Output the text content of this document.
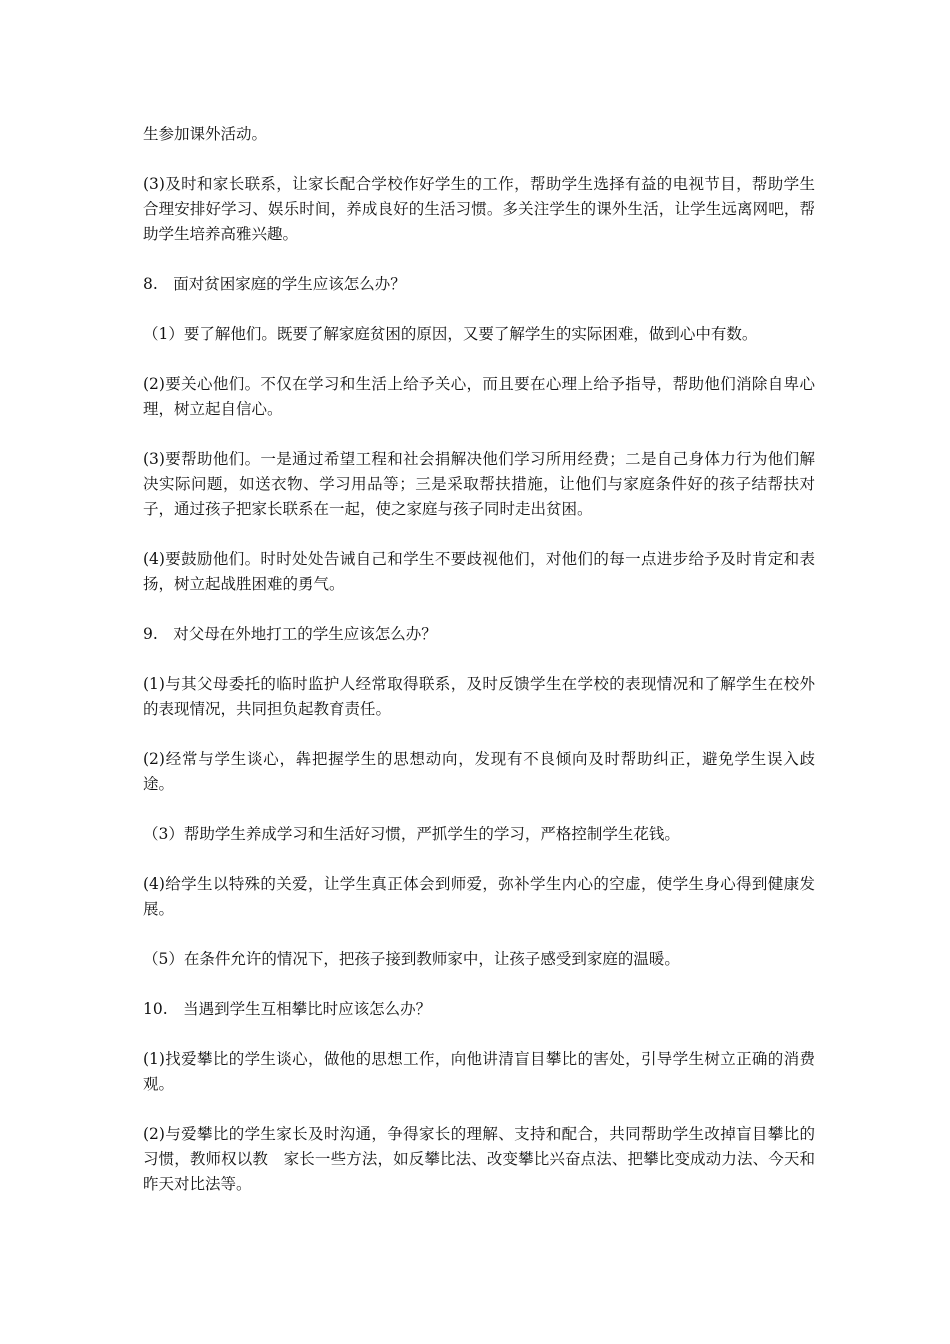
生参加课外活动。

(3)及时和家长联系，让家长配合学校作好学生的工作，帮助学生选择有益的电视节目，帮助学生合理安排好学习、娱乐时间，养成良好的生活习惯。多关注学生的课外生活，让学生远离网吧，帮助学生培养高雅兴趣。

8.　面对贫困家庭的学生应该怎么办？

（1）要了解他们。既要了解家庭贫困的原因，又要了解学生的实际困难，做到心中有数。

(2)要关心他们。不仅在学习和生活上给予关心，而且要在心理上给予指导，帮助他们消除自卑心理，树立起自信心。

(3)要帮助他们。一是通过希望工程和社会捐解决他们学习所用经费；二是自己身体力行为他们解决实际问题，如送衣物、学习用品等；三是采取帮扶措施，让他们与家庭条件好的孩子结帮扶对子，通过孩子把家长联系在一起，使之家庭与孩子同时走出贫困。

(4)要鼓励他们。时时处处告诫自己和学生不要歧视他们，对他们的每一点进步给予及时肯定和表扬，树立起战胜困难的勇气。

9.　对父母在外地打工的学生应该怎么办？

(1)与其父母委托的临时监护人经常取得联系，及时反馈学生在学校的表现情况和了解学生在校外的表现情况，共同担负起教育责任。

(2)经常与学生谈心，犇把握学生的思想动向，发现有不良倾向及时帮助纠正，避免学生误入歧途。

（3）帮助学生养成学习和生活好习惯，严抓学生的学习，严格控制学生花钱。

(4)给学生以特殊的关爱，让学生真正体会到师爱，弥补学生内心的空虚，使学生身心得到健康发展。

（5）在条件允许的情况下，把孩子接到教师家中，让孩子感受到家庭的温暖。

10.　当遇到学生互相攀比时应该怎么办？

(1)找爱攀比的学生谈心，做他的思想工作，向他讲清盲目攀比的害处，引导学生树立正确的消费观。

(2)与爱攀比的学生家长及时沟通，争得家长的理解、支持和配合，共同帮助学生改掉盲目攀比的习惯，教师权以教　家长一些方法，如反攀比法、改变攀比兴奋点法、把攀比变成动力法、今天和昨天对比法等。
